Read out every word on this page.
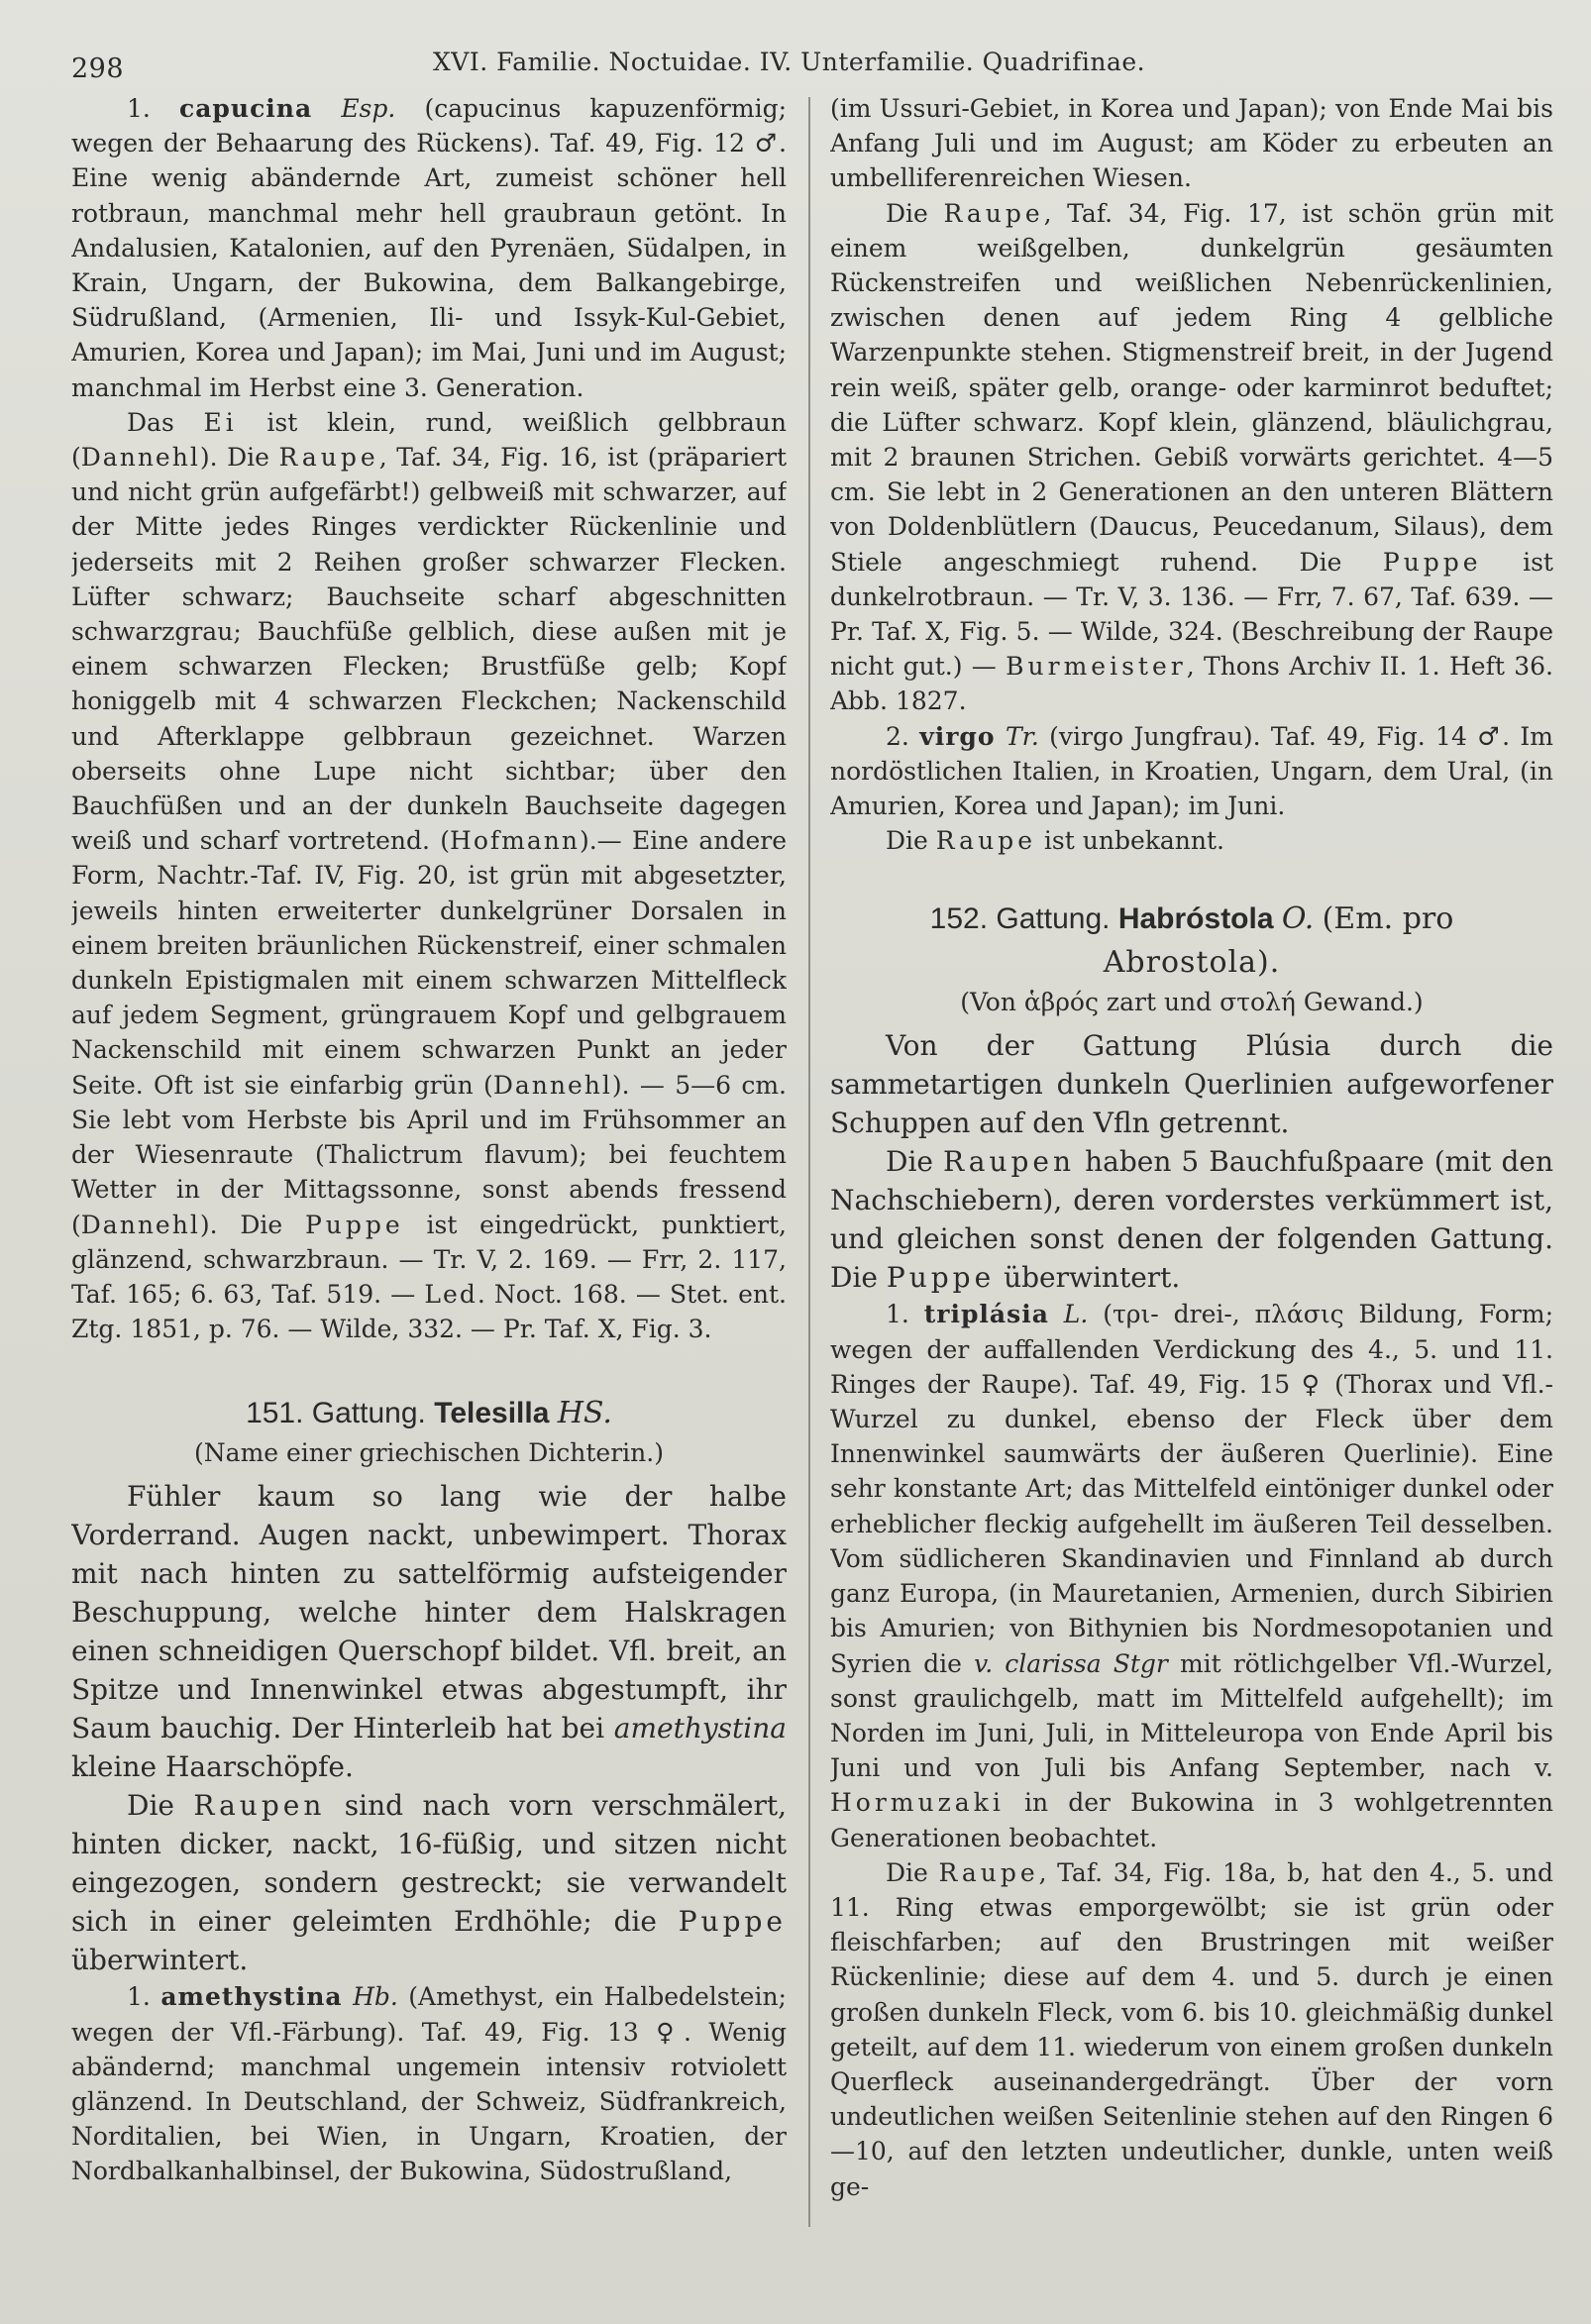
298	XVI. Familie. Noctuidae. IV. Unterfamilie. Quadrifinae.

1. capucina Esp. (capucinus kapuzenförmig; wegen der Behaarung des Rückens). Taf. 49, Fig. 12 ♂. Eine wenig abändernde Art, zumeist schöner hell rotbraun, manchmal mehr hell graubraun getönt. In Andalusien, Katalonien, auf den Pyrenäen, Südalpen, in Krain, Ungarn, der Bukowina, dem Balkangebirge, Südrußland, (Armenien, Ili- und Issyk-Kul-Gebiet, Amurien, Korea und Japan); im Mai, Juni und im August; manchmal im Herbst eine 3. Generation.

Das Ei ist klein, rund, weißlich gelbbraun (Dannehl). Die Raupe, Taf. 34, Fig. 16, ist (präpariert und nicht grün aufgefärbt!) gelbweiß mit schwarzer, auf der Mitte jedes Ringes verdickter Rückenlinie und jederseits mit 2 Reihen großer schwarzer Flecken. Lüfter schwarz; Bauchseite scharf abgeschnitten schwarzgrau; Bauchfüße gelblich, diese außen mit je einem schwarzen Flecken; Brustfüße gelb; Kopf honiggelb mit 4 schwarzen Fleckchen; Nackenschild und Afterklappe gelbbraun gezeichnet. Warzen oberseits ohne Lupe nicht sichtbar; über den Bauchfüßen und an der dunkeln Bauchseite dagegen weiß und scharf vortretend. (Hofmann).— Eine andere Form, Nachtr.-Taf. IV, Fig. 20, ist grün mit abgesetzter, jeweils hinten erweiterter dunkelgrüner Dorsalen in einem breiten bräunlichen Rückenstreif, einer schmalen dunkeln Epistigmalen mit einem schwarzen Mittelfleck auf jedem Segment, grüngrauem Kopf und gelbgrauem Nackenschild mit einem schwarzen Punkt an jeder Seite. Oft ist sie einfarbig grün (Dannehl). — 5—6 cm. Sie lebt vom Herbste bis April und im Frühsommer an der Wiesenraute (Thalictrum flavum); bei feuchtem Wetter in der Mittagssonne, sonst abends fressend (Dannehl). Die Puppe ist eingedrückt, punktiert, glänzend, schwarzbraun. — Tr. V, 2. 169. — Frr, 2. 117, Taf. 165; 6. 63, Taf. 519. — Led. Noct. 168. — Stet. ent. Ztg. 1851, p. 76. — Wilde, 332. — Pr. Taf. X, Fig. 3.

151. Gattung. Telesilla HS.
(Name einer griechischen Dichterin.)

Fühler kaum so lang wie der halbe Vorderrand. Augen nackt, unbewimpert. Thorax mit nach hinten zu sattelförmig aufsteigender Beschuppung, welche hinter dem Halskragen einen schneidigen Querschopf bildet. Vfl. breit, an Spitze und Innenwinkel etwas abgestumpft, ihr Saum bauchig. Der Hinterleib hat bei amethystina kleine Haarschöpfe.

Die Raupen sind nach vorn verschmälert, hinten dicker, nackt, 16-füßig, und sitzen nicht eingezogen, sondern gestreckt; sie verwandelt sich in einer geleimten Erdhöhle; die Puppe überwintert.

1. amethystina Hb. (Amethyst, ein Halbedelstein; wegen der Vfl.-Färbung). Taf. 49, Fig. 13 ♀. Wenig abändernd; manchmal ungemein intensiv rotviolett glänzend. In Deutschland, der Schweiz, Südfrankreich, Norditalien, bei Wien, in Ungarn, Kroatien, der Nordbalkanhalbinsel, der Bukowina, Südostrußland,

(im Ussuri-Gebiet, in Korea und Japan); von Ende Mai bis Anfang Juli und im August; am Köder zu erbeuten an umbelliferenreichen Wiesen.

Die Raupe, Taf. 34, Fig. 17, ist schön grün mit einem weißgelben, dunkelgrün gesäumten Rückenstreifen und weißlichen Nebenrückenlinien, zwischen denen auf jedem Ring 4 gelbliche Warzenpunkte stehen. Stigmenstreif breit, in der Jugend rein weiß, später gelb, orange- oder karminrot beduftet; die Lüfter schwarz. Kopf klein, glänzend, bläulichgrau, mit 2 braunen Strichen. Gebiß vorwärts gerichtet. 4—5 cm. Sie lebt in 2 Generationen an den unteren Blättern von Doldenblütlern (Daucus, Peucedanum, Silaus), dem Stiele angeschmiegt ruhend. Die Puppe ist dunkelrotbraun. — Tr. V, 3. 136. — Frr, 7. 67, Taf. 639. — Pr. Taf. X, Fig. 5. — Wilde, 324. (Beschreibung der Raupe nicht gut.) — Burmeister, Thons Archiv II. 1. Heft 36. Abb. 1827.

2. virgo Tr. (virgo Jungfrau). Taf. 49, Fig. 14 ♂. Im nordöstlichen Italien, in Kroatien, Ungarn, dem Ural, (in Amurien, Korea und Japan); im Juni.

Die Raupe ist unbekannt.

152. Gattung. Habróstola O. (Em. pro
Abrostola).
(Von ἁβρός zart und στολή Gewand.)

Von der Gattung Plúsia durch die sammetartigen dunkeln Querlinien aufgeworfener Schuppen auf den Vfln getrennt.

Die Raupen haben 5 Bauchfußpaare (mit den Nachschiebern), deren vorderstes verkümmert ist, und gleichen sonst denen der folgenden Gattung. Die Puppe überwintert.

1. triplásia L. (τρι- drei-, πλάσις Bildung, Form; wegen der auffallenden Verdickung des 4., 5. und 11. Ringes der Raupe). Taf. 49, Fig. 15 ♀ (Thorax und Vfl.-Wurzel zu dunkel, ebenso der Fleck über dem Innenwinkel saumwärts der äußeren Querlinie). Eine sehr konstante Art; das Mittelfeld eintöniger dunkel oder erheblicher fleckig aufgehellt im äußeren Teil desselben. Vom südlicheren Skandinavien und Finnland ab durch ganz Europa, (in Mauretanien, Armenien, durch Sibirien bis Amurien; von Bithynien bis Nordmesopotanien und Syrien die v. clarissa Stgr mit rötlichgelber Vfl.-Wurzel, sonst graulichgelb, matt im Mittelfeld aufgehellt); im Norden im Juni, Juli, in Mitteleuropa von Ende April bis Juni und von Juli bis Anfang September, nach v. Hormuzaki in der Bukowina in 3 wohlgetrennten Generationen beobachtet.

Die Raupe, Taf. 34, Fig. 18a, b, hat den 4., 5. und 11. Ring etwas emporgewölbt; sie ist grün oder fleischfarben; auf den Brustringen mit weißer Rückenlinie; diese auf dem 4. und 5. durch je einen großen dunkeln Fleck, vom 6. bis 10. gleichmäßig dunkel geteilt, auf dem 11. wiederum von einem großen dunkeln Querfleck auseinandergedrängt. Über der vorn undeutlichen weißen Seitenlinie stehen auf den Ringen 6—10, auf den letzten undeutlicher, dunkle, unten weiß ge-
